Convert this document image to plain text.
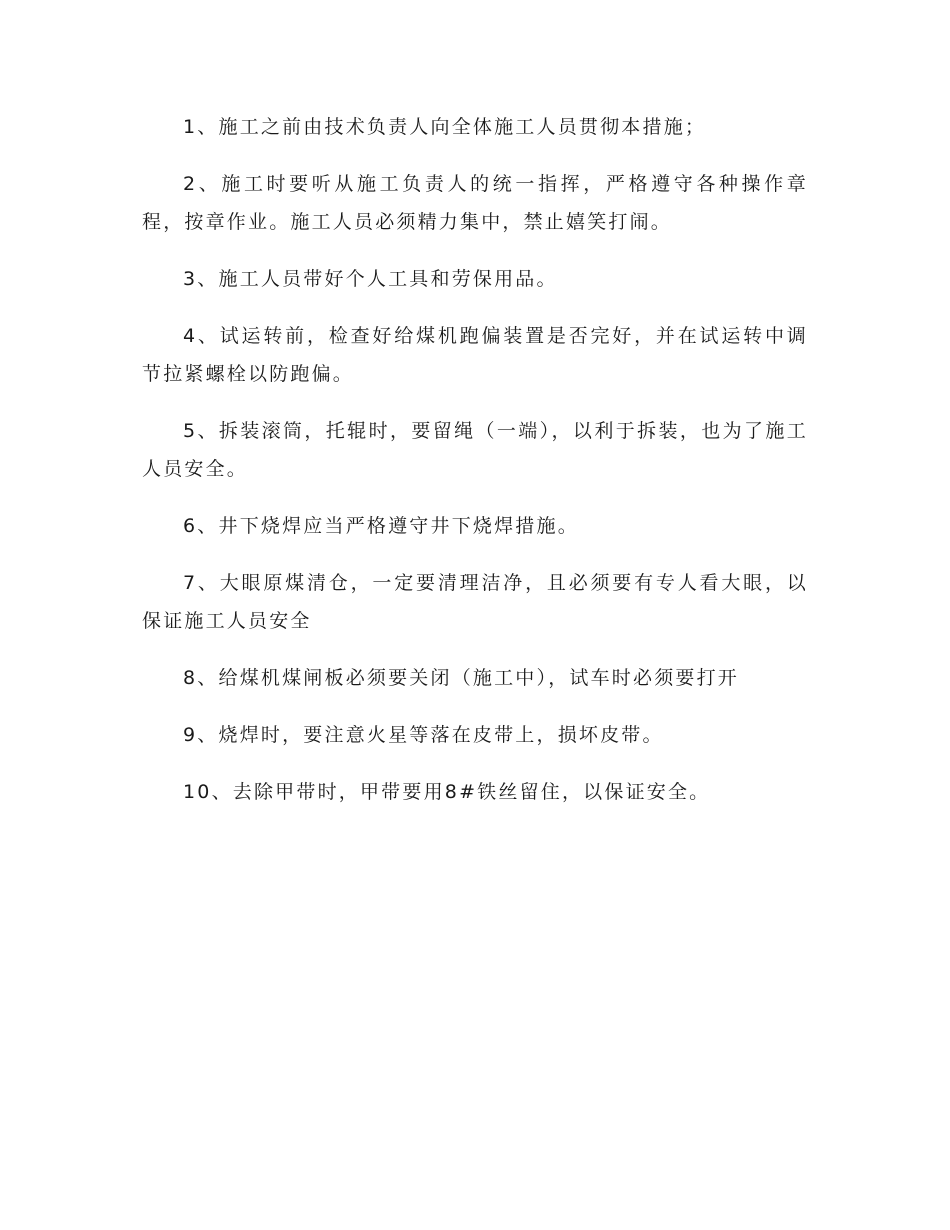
1、施工之前由技术负责人向全体施工人员贯彻本措施；

2、施工时要听从施工负责人的统一指挥，严格遵守各种操作章程，按章作业。施工人员必须精力集中，禁止嬉笑打闹。

3、施工人员带好个人工具和劳保用品。

4、试运转前，检查好给煤机跑偏装置是否完好，并在试运转中调节拉紧螺栓以防跑偏。

5、拆装滚筒，托辊时，要留绳（一端），以利于拆装，也为了施工人员安全。

6、井下烧焊应当严格遵守井下烧焊措施。

7、大眼原煤清仓，一定要清理洁净，且必须要有专人看大眼，以保证施工人员安全

8、给煤机煤闸板必须要关闭（施工中），试车时必须要打开

9、烧焊时，要注意火星等落在皮带上，损坏皮带。

10、去除甲带时，甲带要用8#铁丝留住，以保证安全。
